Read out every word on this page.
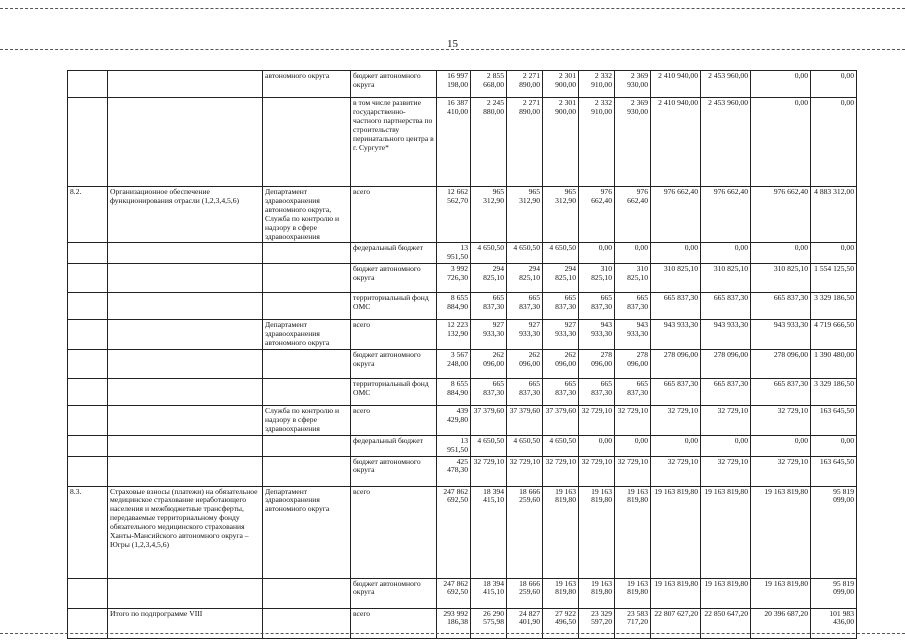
15
		автономного округа	бюджет автономного округа	16 997 198,00	2 855 668,00	2 271 890,00	2 301 900,00	2 332 910,00	2 369 930,00	2 410 940,00	2 453 960,00	0,00	0,00
			в том числе развитие государственно-частного партнерства по строительству перинатального центра в г. Сургуте*	16 387 410,00	2 245 880,00	2 271 890,00	2 301 900,00	2 332 910,00	2 369 930,00	2 410 940,00	2 453 960,00	0,00	0,00
8.2.	Организационное обеспечение функционирования отрасли (1,2,3,4,5,6)	Департамент здравоохранения автономного округа, Служба по контролю и надзору в сфере здравоохранения	всего	12 662 562,70	965 312,90	965 312,90	965 312,90	976 662,40	976 662,40	976 662,40	976 662,40	976 662,40	4 883 312,00
			федеральный бюджет	13 951,50	4 650,50	4 650,50	4 650,50	0,00	0,00	0,00	0,00	0,00	0,00
			бюджет автономного округа	3 992 726,30	294 825,10	294 825,10	294 825,10	310 825,10	310 825,10	310 825,10	310 825,10	310 825,10	1 554 125,50
			территориальный фонд ОМС	8 655 884,90	665 837,30	665 837,30	665 837,30	665 837,30	665 837,30	665 837,30	665 837,30	665 837,30	3 329 186,50
		Департамент здравоохранения автономного округа	всего	12 223 132,90	927 933,30	927 933,30	927 933,30	943 933,30	943 933,30	943 933,30	943 933,30	943 933,30	4 719 666,50
			бюджет автономного округа	3 567 248,00	262 096,00	262 096,00	262 096,00	278 096,00	278 096,00	278 096,00	278 096,00	278 096,00	1 390 480,00
			территориальный фонд ОМС	8 655 884,90	665 837,30	665 837,30	665 837,30	665 837,30	665 837,30	665 837,30	665 837,30	665 837,30	3 329 186,50
		Служба по контролю и надзору в сфере здравоохранения	всего	439 429,80	37 379,60	37 379,60	37 379,60	32 729,10	32 729,10	32 729,10	32 729,10	32 729,10	163 645,50
			федеральный бюджет	13 951,50	4 650,50	4 650,50	4 650,50	0,00	0,00	0,00	0,00	0,00	0,00
			бюджет автономного округа	425 478,30	32 729,10	32 729,10	32 729,10	32 729,10	32 729,10	32 729,10	32 729,10	32 729,10	163 645,50
8.3.	Страховые взносы (платежи) на обязательное медицинское страхование неработающего населения и межбюджетные трансферты, передаваемые территориальному фонду обязательного медицинского страхования Ханты-Мансийского автономного округа – Югры (1,2,3,4,5,6)	Департамент здравоохранения автономного округа	всего	247 862 692,50	18 394 415,10	18 666 259,60	19 163 819,80	19 163 819,80	19 163 819,80	19 163 819,80	19 163 819,80	19 163 819,80	95 819 099,00
			бюджет автономного округа	247 862 692,50	18 394 415,10	18 666 259,60	19 163 819,80	19 163 819,80	19 163 819,80	19 163 819,80	19 163 819,80	19 163 819,80	95 819 099,00
	Итого по подпрограмме VIII		всего	293 992 186,38	26 290 575,98	24 827 401,90	27 922 496,50	23 329 597,20	23 583 717,20	22 807 627,20	22 850 647,20	20 396 687,20	101 983 436,00
